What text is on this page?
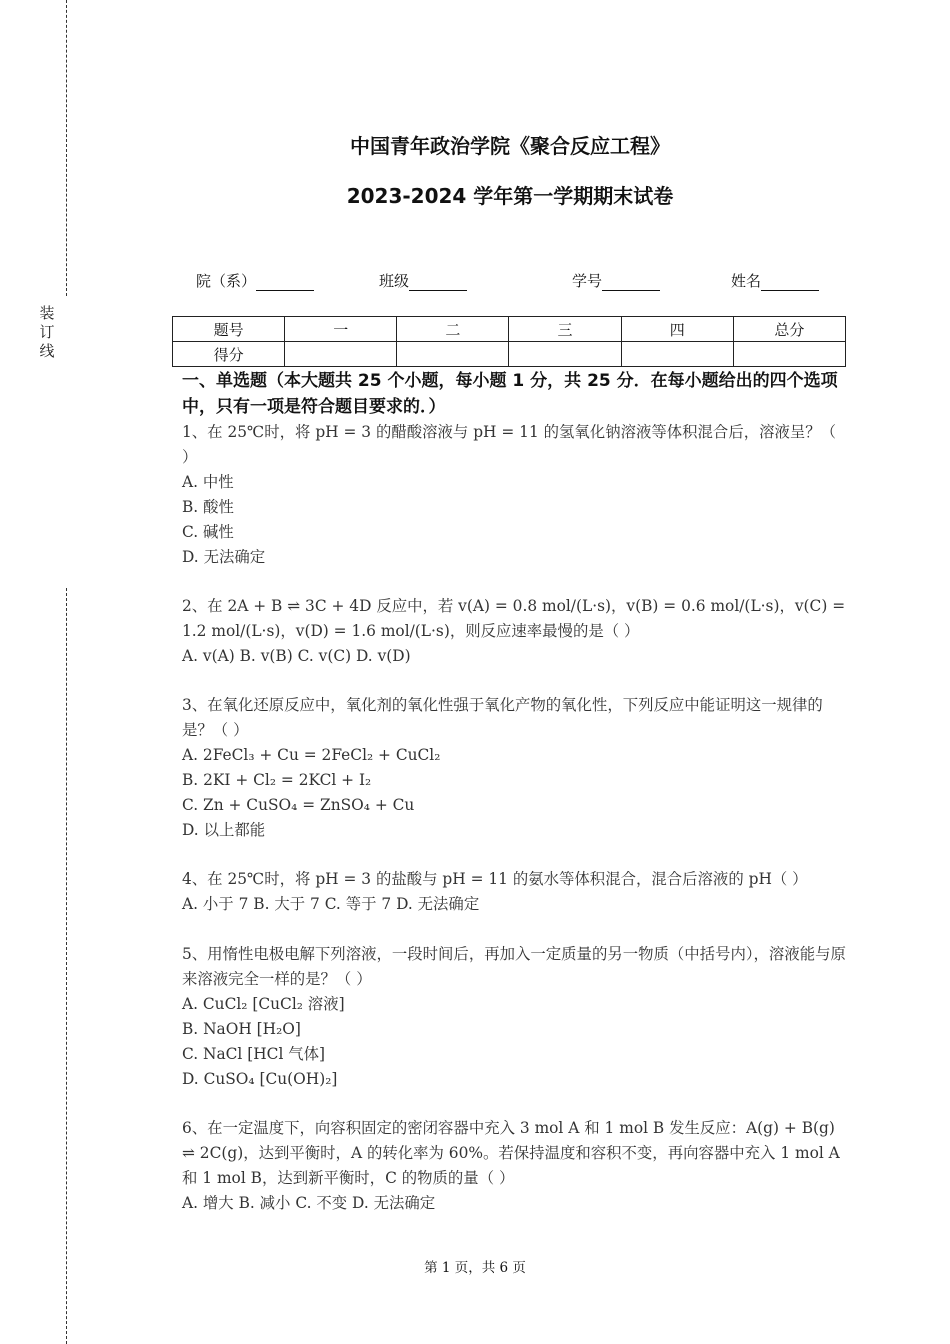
装
订
线
中国青年政治学院《聚合反应工程》
2023-2024 学年第一学期期末试卷
院（系）	班级	学号	姓名
题号	一	二	三	四	总分
得分					
一、单选题（本大题共 25 个小题，每小题 1 分，共 25 分．在每小题给出的四个选项中，只有一项是符合题目要求的．）

1、在 25℃时，将 pH = 3 的醋酸溶液与 pH = 11 的氢氧化钠溶液等体积混合后，溶液呈？（ ）

A. 中性

B. 酸性

C. 碱性

D. 无法确定

2、在 2A + B ⇌ 3C + 4D 反应中，若 v(A) = 0.8 mol/(L·s)，v(B) = 0.6 mol/(L·s)，v(C) = 1.2 mol/(L·s)，v(D) = 1.6 mol/(L·s)，则反应速率最慢的是（ ）

A. v(A) B. v(B) C. v(C) D. v(D)

3、在氧化还原反应中，氧化剂的氧化性强于氧化产物的氧化性，下列反应中能证明这一规律的是？（ ）

A. 2FeCl₃ + Cu = 2FeCl₂ + CuCl₂

B. 2KI + Cl₂ = 2KCl + I₂

C. Zn + CuSO₄ = ZnSO₄ + Cu

D. 以上都能

4、在 25℃时，将 pH = 3 的盐酸与 pH = 11 的氨水等体积混合，混合后溶液的 pH（ ）

A. 小于 7 B. 大于 7 C. 等于 7 D. 无法确定

5、用惰性电极电解下列溶液，一段时间后，再加入一定质量的另一物质（中括号内），溶液能与原来溶液完全一样的是？（ ）

A. CuCl₂ [CuCl₂ 溶液]

B. NaOH [H₂O]

C. NaCl [HCl 气体]

D. CuSO₄ [Cu(OH)₂]

6、在一定温度下，向容积固定的密闭容器中充入 3 mol A 和 1 mol B 发生反应：A(g) + B(g) ⇌ 2C(g)，达到平衡时，A 的转化率为 60%。若保持温度和容积不变，再向容器中充入 1 mol A 和 1 mol B，达到新平衡时，C 的物质的量（ ）

A. 增大 B. 减小 C. 不变 D. 无法确定

第 1 页，共 6 页
